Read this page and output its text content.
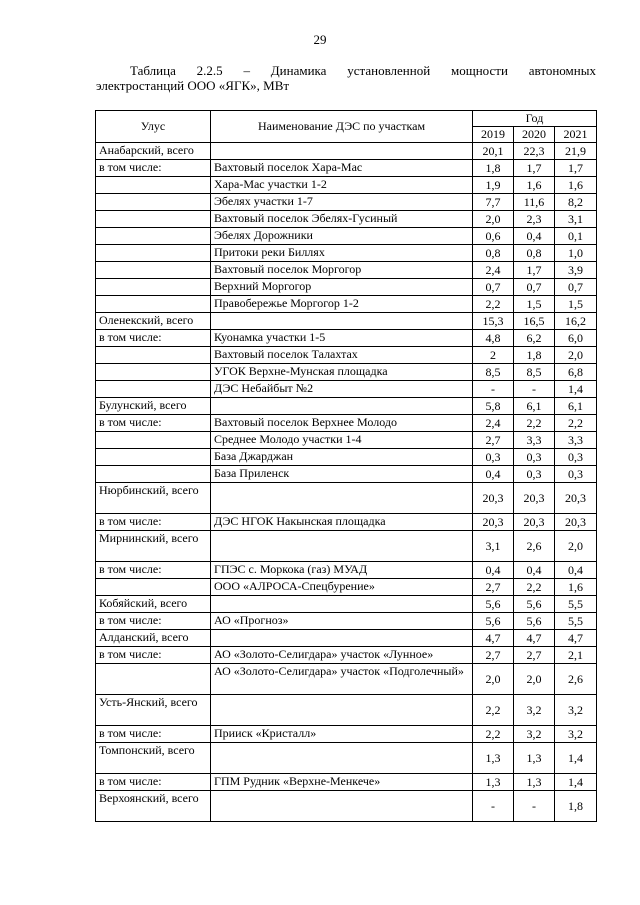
29
Таблица 2.2.5 – Динамика установленной мощности автономных
электростанций ООО «ЯГК», МВт
Улус	Наименование ДЭС по участкам	Год		
		2019	2020	2021
Анабарский, всего		20,1	22,3	21,9
в том числе:	Вахтовый поселок Хара-Мас	1,8	1,7	1,7
	Хара-Мас участки 1-2	1,9	1,6	1,6
	Эбелях участки 1-7	7,7	11,6	8,2
	Вахтовый поселок Эбелях-Гусиный	2,0	2,3	3,1
	Эбелях Дорожники	0,6	0,4	0,1
	Притоки реки Биллях	0,8	0,8	1,0
	Вахтовый поселок Моргогор	2,4	1,7	3,9
	Верхний Моргогор	0,7	0,7	0,7
	Правобережье Моргогор 1-2	2,2	1,5	1,5
Оленекский, всего		15,3	16,5	16,2
в том числе:	Куонамка участки 1-5	4,8	6,2	6,0
	Вахтовый поселок Талахтах	2	1,8	2,0
	УГОК Верхне-Мунская площадка	8,5	8,5	6,8
	ДЭС Небайбыт №2	-	-	1,4
Булунский, всего		5,8	6,1	6,1
в том числе:	Вахтовый поселок Верхнее Молодо	2,4	2,2	2,2
	Среднее Молодо участки 1-4	2,7	3,3	3,3
	База Джарджан	0,3	0,3	0,3
	База Приленск	0,4	0,3	0,3
Нюрбинский, всего		20,3	20,3	20,3
в том числе:	ДЭС НГОК Накынская площадка	20,3	20,3	20,3
Мирнинский, всего		3,1	2,6	2,0
в том числе:	ГПЭС с. Моркока (газ) МУАД	0,4	0,4	0,4
	ООО «АЛРОСА-Спецбурение»	2,7	2,2	1,6
Кобяйский, всего		5,6	5,6	5,5
в том числе:	АО «Прогноз»	5,6	5,6	5,5
Алданский, всего		4,7	4,7	4,7
в том числе:	АО «Золото-Селигдара» участок «Лунное»	2,7	2,7	2,1
	АО «Золото-Селигдара» участок «Подголечный»	2,0	2,0	2,6
Усть-Янский, всего		2,2	3,2	3,2
в том числе:	Прииск «Кристалл»	2,2	3,2	3,2
Томпонский, всего		1,3	1,3	1,4
в том числе:	ГПМ Рудник «Верхне-Менкече»	1,3	1,3	1,4
Верхоянский, всего		-	-	1,8
